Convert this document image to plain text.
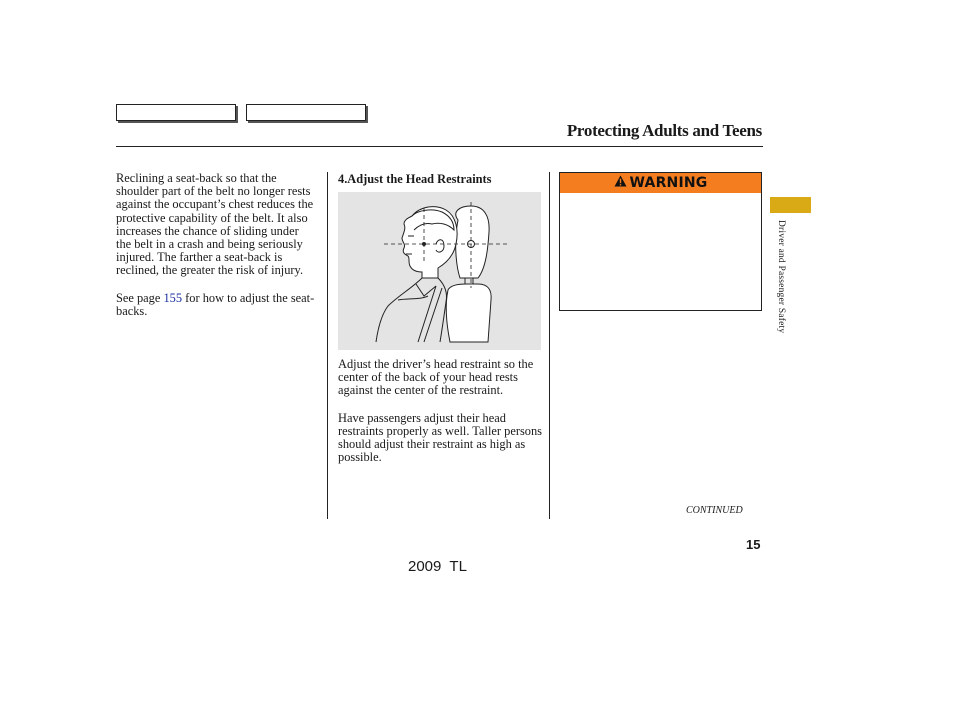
Protecting Adults and Teens

Reclining a seat-back so that the shoulder part of the belt no longer rests against the occupant’s chest reduces the protective capability of the belt. It also increases the chance of sliding under the belt in a crash and being seriously injured. The farther a seat-back is reclined, the greater the risk of injury.

See page 155 for how to adjust the seat-backs.

4.Adjust the Head Restraints

Adjust the driver’s head restraint so the center of the back of your head rests against the center of the restraint.

Have passengers adjust their head restraints properly as well. Taller persons should adjust their restraint as high as possible.

WARNING
Driver and Passenger Safety
CONTINUED
15
2009  TL
